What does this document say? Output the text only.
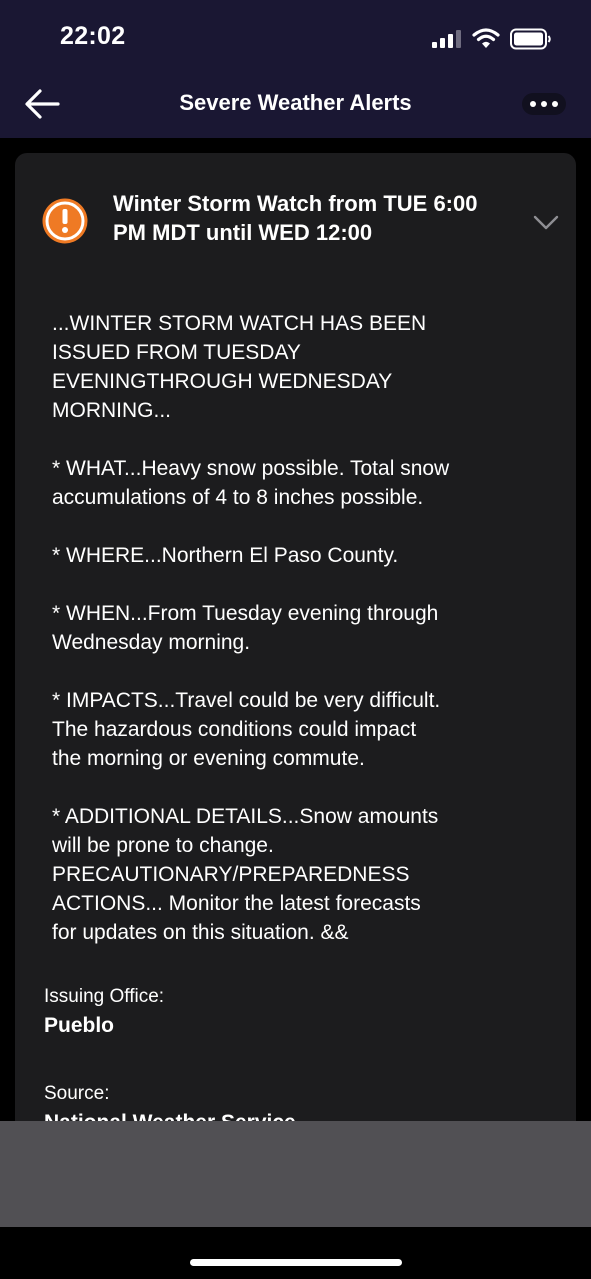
22:02
Severe Weather Alerts
Winter Storm Watch from TUE 6:00 PM MDT until WED 12:00

...WINTER STORM WATCH HAS BEEN
ISSUED FROM TUESDAY
EVENINGTHROUGH WEDNESDAY
MORNING...

* WHAT...Heavy snow possible. Total snow
accumulations of 4 to 8 inches possible.

* WHERE...Northern El Paso County.

* WHEN...From Tuesday evening through
Wednesday morning.

* IMPACTS...Travel could be very difficult.
The hazardous conditions could impact
the morning or evening commute.

* ADDITIONAL DETAILS...Snow amounts
will be prone to change.
PRECAUTIONARY/PREPAREDNESS
ACTIONS... Monitor the latest forecasts
for updates on this situation. &&

Issuing Office:
Pueblo
Source:
